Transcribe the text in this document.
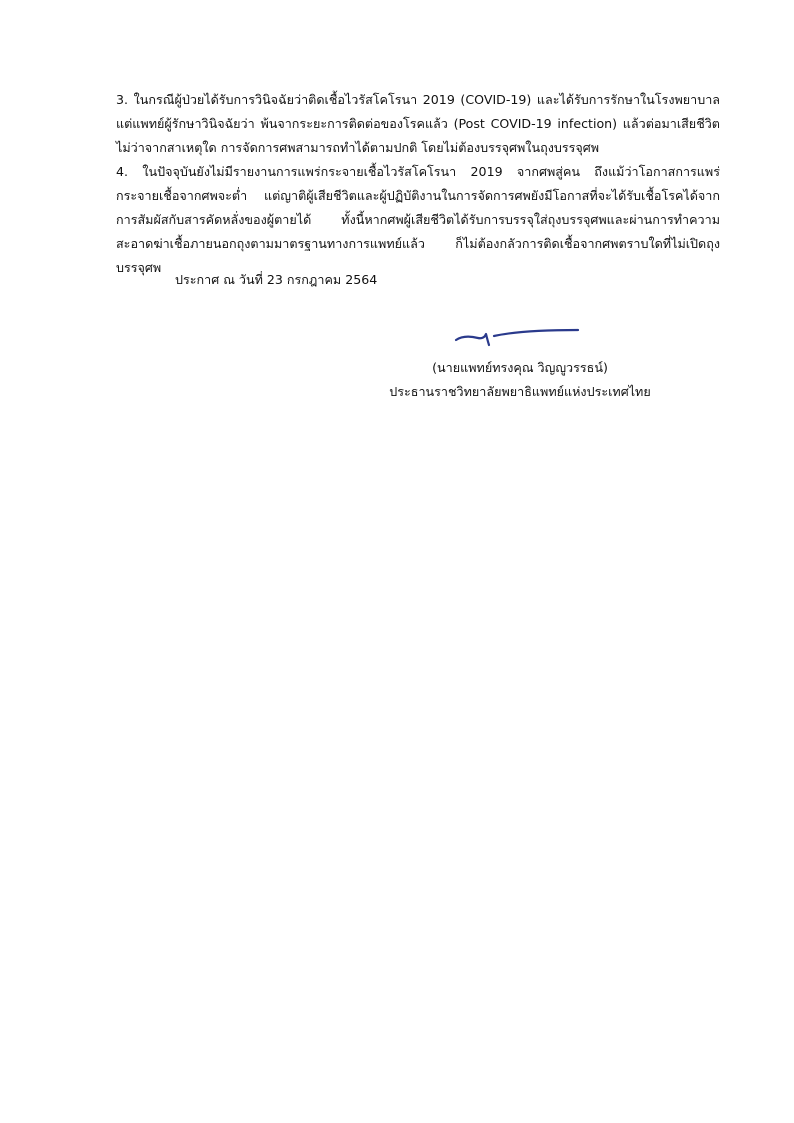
3. ในกรณีผู้ป่วยได้รับการวินิจฉัยว่าติดเชื้อไวรัสโคโรนา 2019 (COVID-19) และได้รับการรักษาในโรงพยาบาล แต่แพทย์ผู้รักษาวินิจฉัยว่า พ้นจากระยะการติดต่อของโรคแล้ว (Post COVID-19 infection) แล้วต่อมาเสียชีวิตไม่ว่าจากสาเหตุใด การจัดการศพสามารถทำได้ตามปกติ โดยไม่ต้องบรรจุศพในถุงบรรจุศพ

4. ในปัจจุบันยังไม่มีรายงานการแพร่กระจายเชื้อไวรัสโคโรนา 2019 จากศพสู่คน ถึงแม้ว่าโอกาสการแพร่กระจายเชื้อจากศพจะต่ำ แต่ญาติผู้เสียชีวิตและผู้ปฏิบัติงานในการจัดการศพยังมีโอกาสที่จะได้รับเชื้อโรคได้จากการสัมผัสกับสารคัดหลั่งของผู้ตายได้ ทั้งนี้หากศพผู้เสียชีวิตได้รับการบรรจุใส่ถุงบรรจุศพและผ่านการทำความสะอาดฆ่าเชื้อภายนอกถุงตามมาตรฐานทางการแพทย์แล้ว ก็ไม่ต้องกลัวการติดเชื้อจากศพตราบใดที่ไม่เปิดถุงบรรจุศพ

ประกาศ ณ วันที่ 23 กรกฎาคม 2564
(นายแพทย์ทรงคุณ วิญญูวรรธน์)
ประธานราชวิทยาลัยพยาธิแพทย์แห่งประเทศไทย
